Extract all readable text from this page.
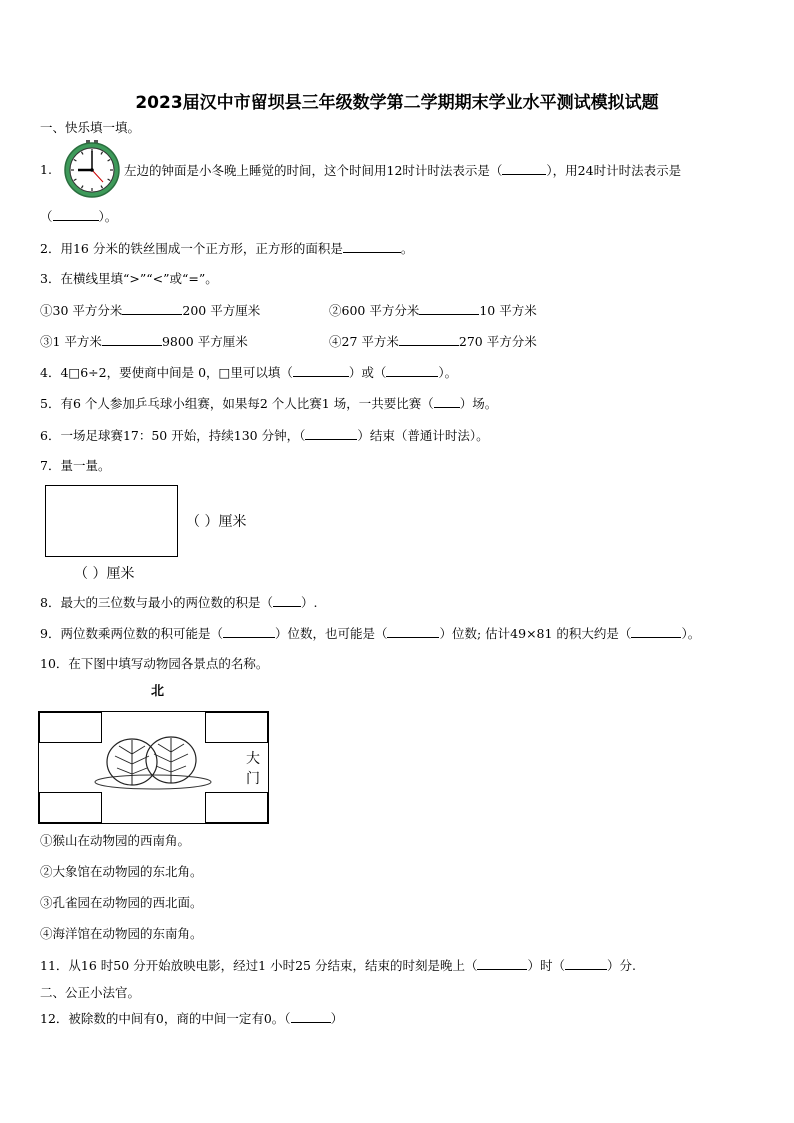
2023届汉中市留坝县三年级数学第二学期期末学业水平测试模拟试题
一、快乐填一填。
1.	左边的钟面是小冬晚上睡觉的时间，这个时间用12时计时法表示是（	），用24时计时法表示是
（	）。
2．用16 分米的铁丝围成一个正方形，正方形的面积是	。
3．在横线里填“>”“<”或“=”。
①30 平方分米	200 平方厘米	②600 平方分米	10 平方米
③1 平方米	9800 平方厘米	④27 平方米	270 平方分米
4．4□6÷2，要使商中间是 0，□里可以填（	）或（	）。
5．有6 个人参加乒乓球小组赛，如果每2 个人比赛1 场，一共要比赛（ ）场。
6．一场足球赛17：50 开始，持续130 分钟，（	）结束（普通计时法）。
7．量一量。
（ ）厘米
（ ）厘米
8．最大的三位数与最小的两位数的积是（ ）.
9．两位数乘两位数的积可能是（	）位数，也可能是（	）位数; 估计49×81 的积大约是（	）。
10．在下图中填写动物园各景点的名称。
北
大
门
①猴山在动物园的西南角。
②大象馆在动物园的东北角。
③孔雀园在动物园的西北面。
④海洋馆在动物园的东南角。
11．从16 时50 分开始放映电影，经过1 小时25 分结束，结束的时刻是晚上（	）时（	）分.
二、公正小法官。
12．被除数的中间有0，商的中间一定有0。（	）
